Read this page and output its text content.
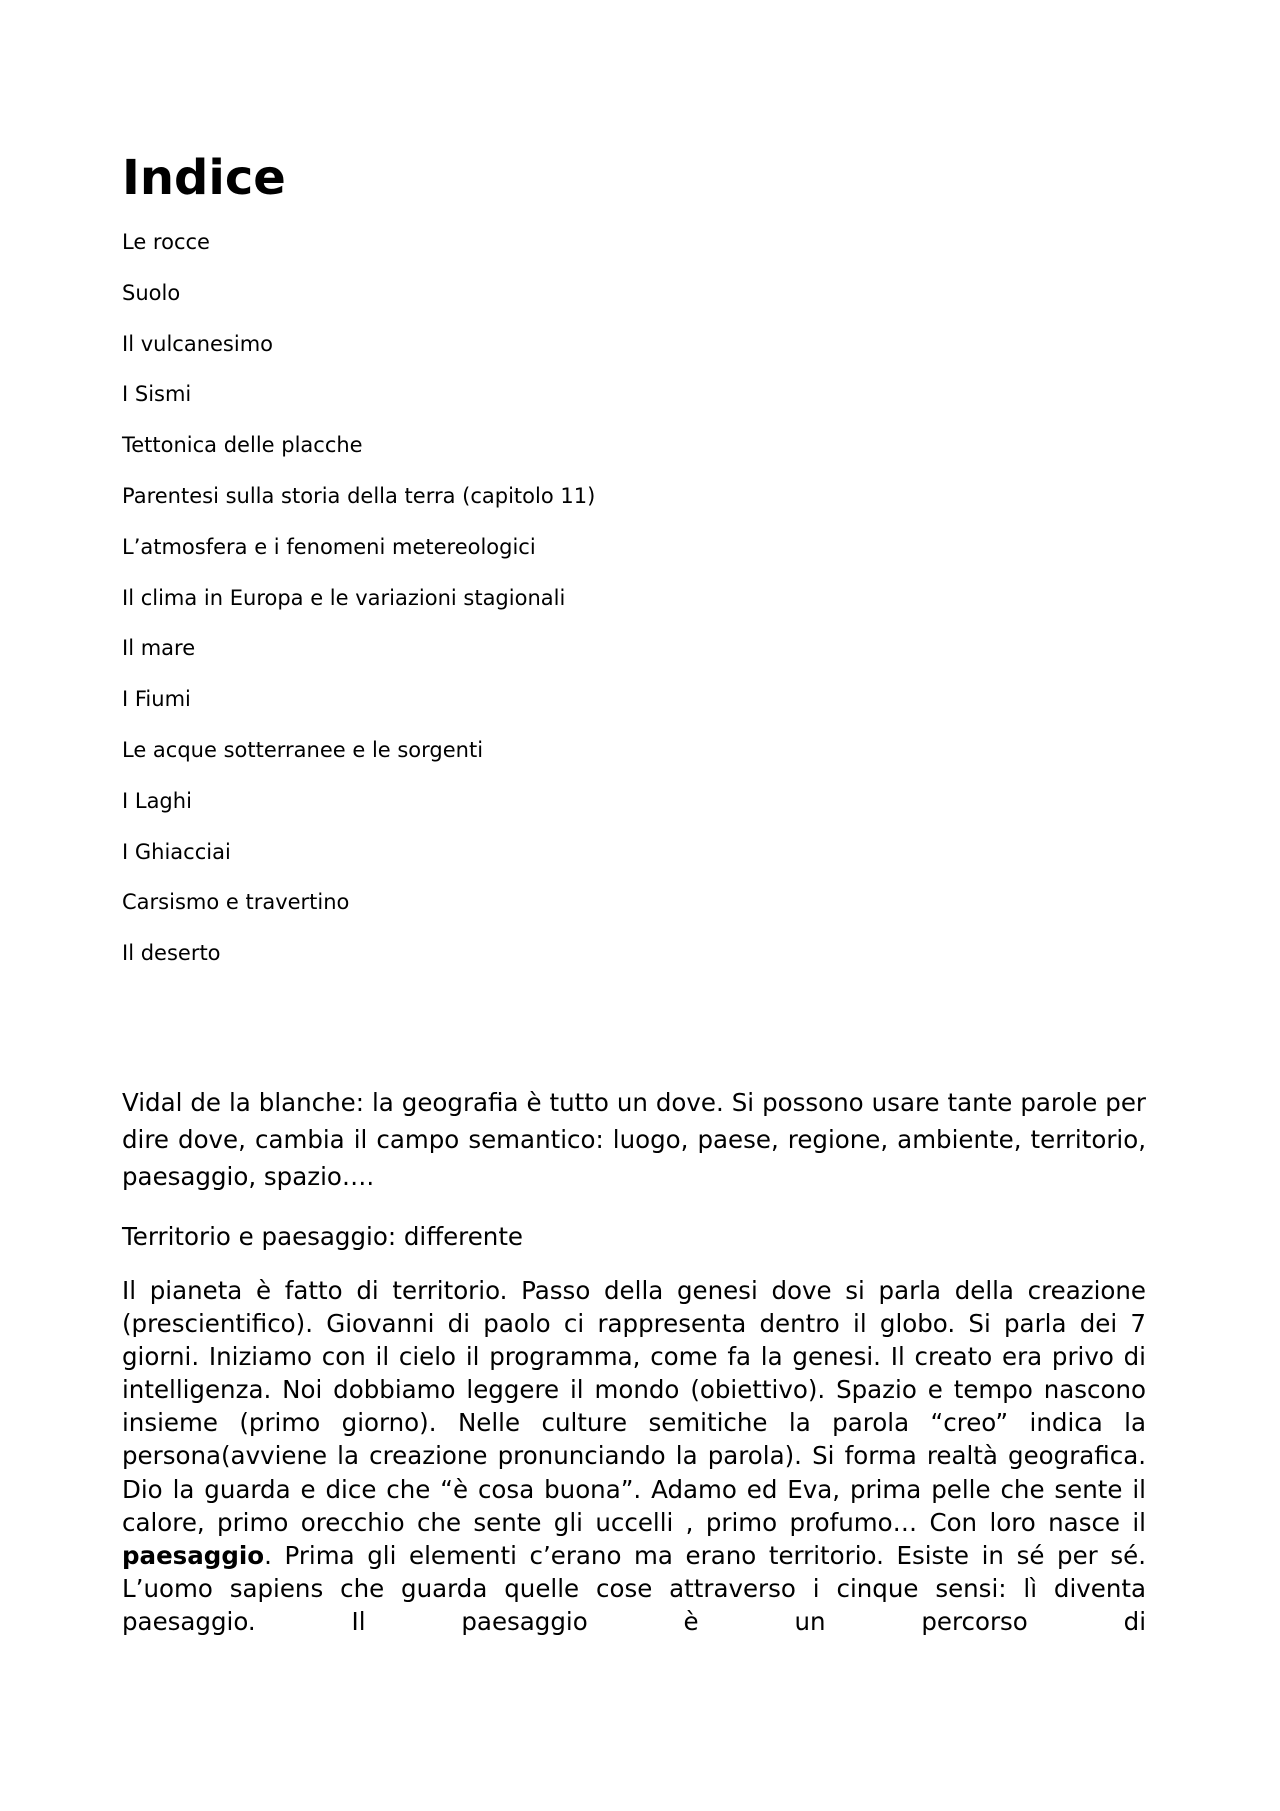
Indice
Le rocce
Suolo
Il vulcanesimo
I Sismi
Tettonica delle placche
Parentesi sulla storia della terra (capitolo 11)
L’atmosfera e i fenomeni metereologici
Il clima in Europa e le variazioni stagionali
Il mare
I Fiumi
Le acque sotterranee e le sorgenti
I Laghi
I Ghiacciai
Carsismo e travertino
Il deserto

Vidal de la blanche: la geografia è tutto un dove. Si possono usare tante parole per dire dove, cambia il campo semantico: luogo, paese, regione, ambiente, territorio, paesaggio, spazio….

Territorio e paesaggio: differente

Il pianeta è fatto di territorio. Passo della genesi dove si parla della creazione (prescientifico). Giovanni di paolo ci rappresenta dentro il globo. Si parla dei 7 giorni. Iniziamo con il cielo il programma, come fa la genesi. Il creato era privo di intelligenza. Noi dobbiamo leggere il mondo (obiettivo). Spazio e tempo nascono insieme (primo giorno). Nelle culture semitiche la parola “creo” indica la persona(avviene la creazione pronunciando la parola). Si forma realtà geografica. Dio la guarda e dice che “è cosa buona”. Adamo ed Eva, prima pelle che sente il calore, primo orecchio che sente gli uccelli , primo profumo… Con loro nasce il paesaggio. Prima gli elementi c’erano ma erano territorio. Esiste in sé per sé. L’uomo sapiens che guarda quelle cose attraverso i cinque sensi: lì diventa paesaggio. Il paesaggio è un percorso di
